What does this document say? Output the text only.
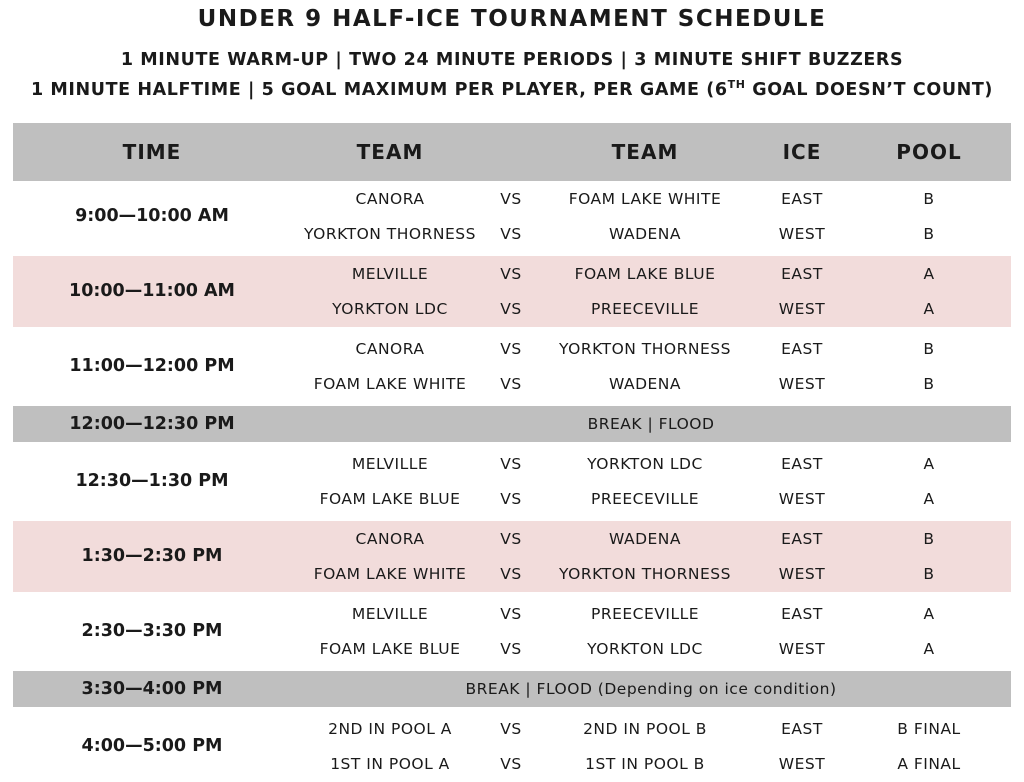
UNDER 9 HALF-ICE TOURNAMENT SCHEDULE
1 MINUTE WARM-UP | TWO 24 MINUTE PERIODS | 3 MINUTE SHIFT BUZZERS
1 MINUTE HALFTIME | 5 GOAL MAXIMUM PER PLAYER, PER GAME (6TH GOAL DOESN’T COUNT)
TIME	TEAM	TEAM	ICE	POOL
9:00—10:00 AM
CANORA	VS	FOAM LAKE WHITE	EAST	B
YORKTON THORNESS	VS	WADENA	WEST	B
10:00—11:00 AM
MELVILLE	VS	FOAM LAKE BLUE	EAST	A
YORKTON LDC	VS	PREECEVILLE	WEST	A
11:00—12:00 PM
CANORA	VS	YORKTON THORNESS	EAST	B
FOAM LAKE WHITE	VS	WADENA	WEST	B
12:00—12:30 PM	BREAK | FLOOD
12:30—1:30 PM
MELVILLE	VS	YORKTON LDC	EAST	A
FOAM LAKE BLUE	VS	PREECEVILLE	WEST	A
1:30—2:30 PM
CANORA	VS	WADENA	EAST	B
FOAM LAKE WHITE	VS	YORKTON THORNESS	WEST	B
2:30—3:30 PM
MELVILLE	VS	PREECEVILLE	EAST	A
FOAM LAKE BLUE	VS	YORKTON LDC	WEST	A
3:30—4:00 PM	BREAK | FLOOD (Depending on ice condition)
4:00—5:00 PM
2ND IN POOL A	VS	2ND IN POOL B	EAST	B FINAL
1ST IN POOL A	VS	1ST IN POOL B	WEST	A FINAL
